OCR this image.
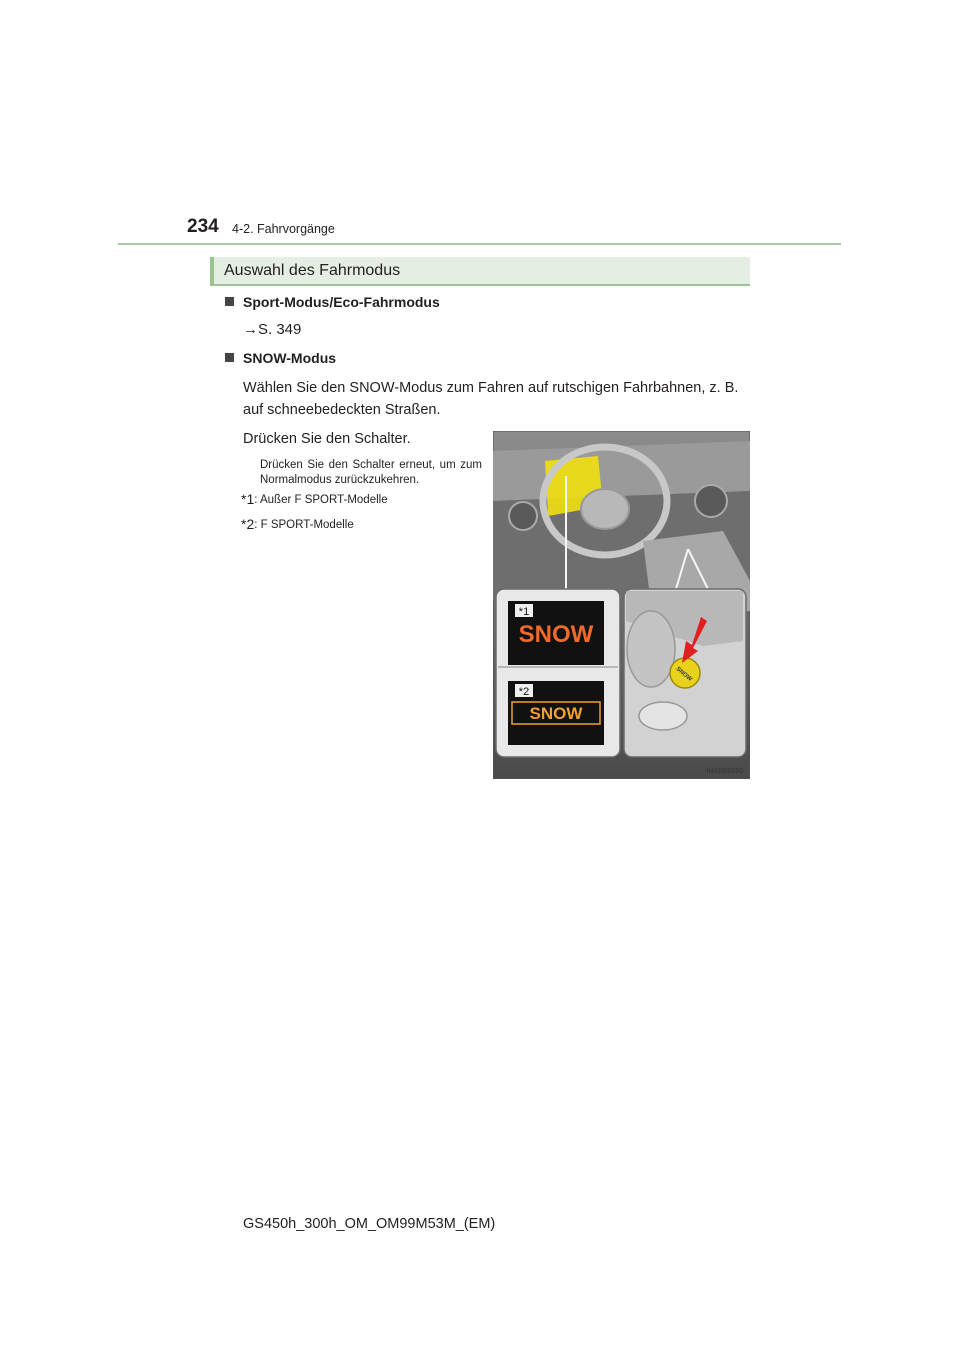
234 4-2. Fahrvorgänge
Auswahl des Fahrmodus
Sport-Modus/Eco-Fahrmodus
→S. 349
SNOW-Modus
Wählen Sie den SNOW-Modus zum Fahren auf rutschigen Fahrbahnen, z. B. auf schneebedeckten Straßen.
Drücken Sie den Schalter.
Drücken Sie den Schalter erneut, um zum Normalmodus zurückzukehren.
*1: Außer F SPORT-Modelle
*2: F SPORT-Modelle
*1
SNOW
*2
SNOW
SNOW
IN42GS260
GS450h_300h_OM_OM99M53M_(EM)
